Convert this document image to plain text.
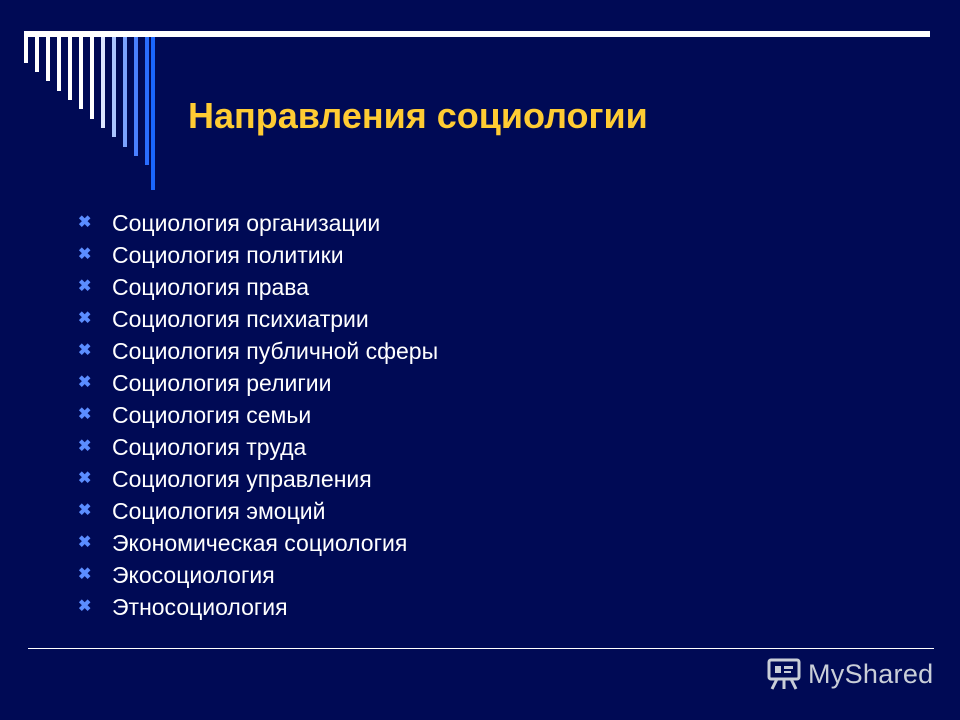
Направления социологии
✖ Социология организации
✖ Социология политики
✖ Социология права
✖ Социология психиатрии
✖ Социология публичной сферы
✖ Социология религии
✖ Социология семьи
✖ Социология труда
✖ Социология управления
✖ Социология эмоций
✖ Экономическая социология
✖ Экосоциология
✖ Этносоциология
MyShared
